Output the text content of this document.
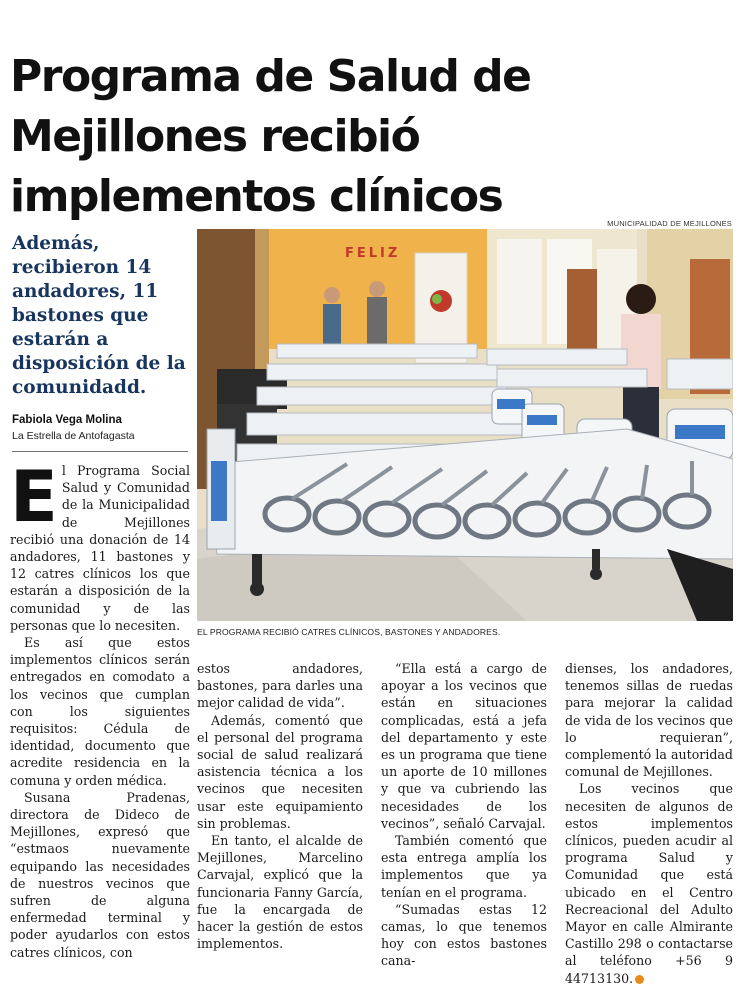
Programa de Salud de Mejillones recibió implementos clínicos
MUNICIPALIDAD DE MEJILLONES
Además, recibieron 14 andadores, 11 bastones que estarán a disposición de la comunidadd.
Fabiola Vega Molina
La Estrella de Antofagasta
FELIZ
EL PROGRAMA RECIBIÓ CATRES CLÍNICOS, BASTONES Y ANDADORES.

El Programa Social Salud y Comunidad de la Municipalidad de Mejillones recibió una donación de 14 andadores, 11 bastones y 12 catres clínicos los que estarán a disposición de la comunidad y de las personas que lo necesiten.

Es así que estos implementos clínicos serán entregados en comodato a los vecinos que cumplan con los siguientes requisitos: Cédula de identidad, documento que acredite residencia en la comuna y orden médica.

Susana Pradenas, directora de Dideco de Mejillones, expresó que “estmaos nuevamente equipando las necesidades de nuestros vecinos que sufren de alguna enfermedad terminal y poder ayudarlos con estos catres clínicos, con

estos andadores, bastones, para darles una mejor calidad de vida”.

Además, comentó que el personal del programa social de salud realizará asistencia técnica a los vecinos que necesiten usar este equipamiento sin problemas.

En tanto, el alcalde de Mejillones, Marcelino Carvajal, explicó que la funcionaria Fanny García, fue la encargada de hacer la gestión de estos implementos.

“Ella está a cargo de apoyar a los vecinos que están en situaciones complicadas, está a jefa del departamento y este es un programa que tiene un aporte de 10 millones y que va cubriendo las necesidades de los vecinos”, señaló Carvajal.

También comentó que esta entrega amplía los implementos que ya tenían en el programa.

“Sumadas estas 12 camas, lo que tenemos hoy con estos bastones cana-

dienses, los andadores, tenemos sillas de ruedas para mejorar la calidad de vida de los vecinos que lo requieran”, complementó la autoridad comunal de Mejillones.

Los vecinos que necesiten de algunos de estos implementos clínicos, pueden acudir al programa Salud y Comunidad que está ubicado en el Centro Recreacional del Adulto Mayor en calle Almirante Castillo 298 o contactarse al teléfono +56 9 44713130.
